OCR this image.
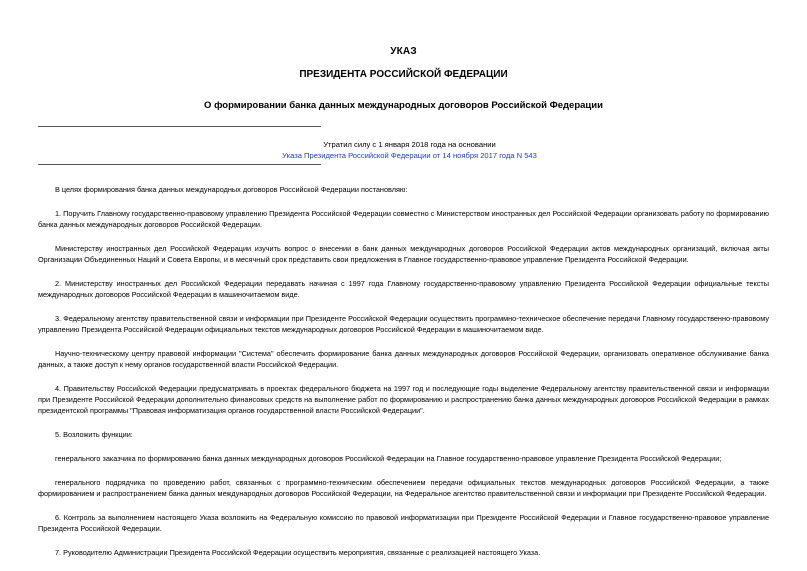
УКАЗ
ПРЕЗИДЕНТА РОССИЙСКОЙ ФЕДЕРАЦИИ
О формировании банка данных международных договоров Российской Федерации
Утратил силу с 1 января 2018 года на основании
Указа Президента Российской Федерации от 14 ноября 2017 года N 543

В целях формирования банка данных международных договоров Российской Федерации постановляю:

1. Поручить Главному государственно-правовому управлению Президента Российской Федерации совместно с Министерством иностранных дел Российской Федерации организовать работу по формированию банка данных международных договоров Российской Федерации.

Министерству иностранных дел Российской Федерации изучить вопрос о внесении в банк данных международных договоров Российской Федерации актов международных организаций, включая акты Организации Объединенных Наций и Совета Европы, и в месячный срок представить свои предложения в Главное государственно-правовое управление Президента Российской Федерации.

2. Министерству иностранных дел Российской Федерации передавать начиная с 1997 года Главному государственно-правовому управлению Президента Российской Федерации официальные тексты международных договоров Российской Федерации в машиночитаемом виде.

3. Федеральному агентству правительственной связи и информации при Президенте Российской Федерации осуществить программно-техническое обеспечение передачи Главному государственно-правовому управлению Президента Российской Федерации официальных текстов международных договоров Российской Федерации в машиночитаемом виде.

Научно-техническому центру правовой информации "Система" обеспечить формирование банка данных международных договоров Российской Федерации, организовать оперативное обслуживание банка данных, а также доступ к нему органов государственной власти Российской Федерации.

4. Правительству Российской Федерации предусматривать в проектах федерального бюджета на 1997 год и последующие годы выделение Федеральному агентству правительственной связи и информации при Президенте Российской Федерации дополнительно финансовых средств на выполнение работ по формированию и распространению банка данных международных договоров Российской Федерации в рамках президентской программы "Правовая информатизация органов государственной власти Российской Федерации".

5. Возложить функции:

генерального заказчика по формированию банка данных международных договоров Российской Федерации на Главное государственно-правовое управление Президента Российской Федерации;

генерального подрядчика по проведению работ, связанных с программно-техническим обеспечением передачи официальных текстов международных договоров Российской Федерации, а также формированием и распространением банка данных международных договоров Российской Федерации, на Федеральное агентство правительственной связи и информации при Президенте Российской Федерации.

6. Контроль за выполнением настоящего Указа возложить на Федеральную комиссию по правовой информатизации при Президенте Российской Федерации и Главное государственно-правовое управление Президента Российской Федерации.

7. Руководителю Администрации Президента Российской Федерации осуществить мероприятия, связанные с реализацией настоящего Указа.
